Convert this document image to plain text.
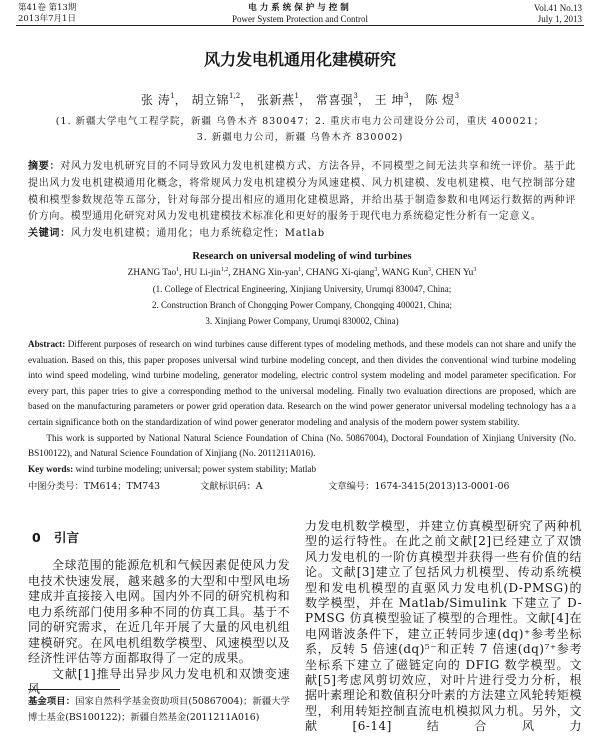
第41卷 第13期
2013年7月1日
电力系统保护与控制
Power System Protection and Control
Vol.41 No.13
July 1, 2013
风力发电机通用化建模研究
张 涛$^1$， 胡立锦$^{1,2}$， 张新燕$^1$， 常喜强$^3$， 王 坤$^3$， 陈 煜$^3$
(1. 新疆大学电气工程学院，新疆 乌鲁木齐 830047；2. 重庆市电力公司建设分公司，重庆 400021；
3. 新疆电力公司，新疆 乌鲁木齐 830002)

摘要：对风力发电机研究目的不同导致风力发电机建模方式、方法各异，不同模型之间无法共享和统一评价。基于此提出风力发电机建模通用化概念，将常规风力发电机建模分为风速建模、风力机建模、发电机建模、电气控制部分建模和模型参数规范等五部分，针对每部分提出相应的通用化建模思路，并给出基于制造参数和电网运行数据的两种评价方向。模型通用化研究对风力发电机建模技术标准化和更好的服务于现代电力系统稳定性分析有一定意义。

关键词：风力发电机建模；通用化；电力系统稳定性；Matlab

Research on universal modeling of wind turbines
ZHANG Tao$^1$, HU Li-jin$^{1,2}$, ZHANG Xin-yan$^1$, CHANG Xi-qiang$^3$, WANG Kun$^3$, CHEN Yu$^3$
(1. College of Electrical Engineering, Xinjiang University, Urumqi 830047, China;
2. Construction Branch of Chongqing Power Company, Chongqing 400021, China;
3. Xinjiang Power Company, Urumqi 830002, China)

Abstract: Different purposes of research on wind turbines cause different types of modeling methods, and these models can not share and unify the evaluation. Based on this, this paper proposes universal wind turbine modeling concept, and then divides the conventional wind turbine modeling into wind speed modeling, wind turbine modeling, generator modeling, electric control system modeling and model parameter specification. For every part, this paper tries to give a corresponding method to the universal modeling. Finally two evaluation directions are proposed, which are based on the manufacturing parameters or power grid operation data. Research on the wind power generator universal modeling technology has a a certain significance both on the standardization of wind power generator modeling and analysis of the modern power system stability.

This work is supported by National Natural Science Foundation of China (No. 50867004), Doctoral Foundation of Xinjiang University (No. BS100122), and Natural Science Foundation of Xinjiang (No. 2011211A016).

Key words: wind turbine modeling; universal; power system stability; Matlab

中图分类号：TM614；TM743	文献标识码：A	文章编号：1674-3415(2013)13-0001-06
0 引言

全球范围的能源危机和气候因素促使风力发电技术快速发展，越来越多的大型和中型风电场建成并直接接入电网。国内外不同的研究机构和电力系统部门使用多种不同的仿真工具。基于不同的研究需求，在近几年开展了大量的风电机组建模研究。在风电机组数学模型、风速模型以及经济性评估等方面都取得了一定的成果。

文献[1]推导出异步风力发电机和双馈变速风

基金项目：国家自然科学基金资助项目(50867004)；新疆大学博士基金(BS100122)；新疆自然基金(2011211A016)

力发电机数学模型，并建立仿真模型研究了两种机型的运行特性。在此之前文献[2]已经建立了双馈风力发电机的一阶仿真模型并获得一些有价值的结论。文献[3]建立了包括风力机模型、传动系统模型和发电机模型的直驱风力发电机(D-PMSG)的数学模型，并在 Matlab/Simulink 下建立了 D-PMSG 仿真模型验证了模型的合理性。文献[4]在电网谐波条件下，建立正转同步速(dq)⁺参考坐标系，反转 5 倍速(dq)⁵⁻和正转 7 倍速(dq)⁷⁺参考坐标系下建立了磁链定向的 DFIG 数学模型。文献[5]考虑风剪切效应，对叶片进行受力分析，根据叶素理论和数值积分叶素的方法建立风轮转矩模型，利用转矩控制直流电机模拟风力机。另外，文献[6-14]结合风力
